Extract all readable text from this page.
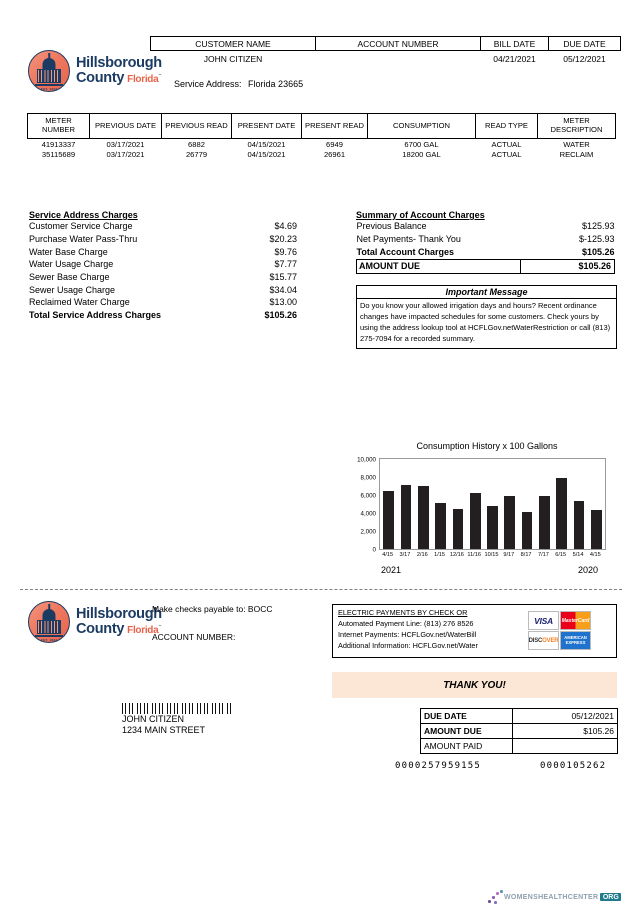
EST. 1834
Hillsborough
County Florida™
CUSTOMER NAME	ACCOUNT NUMBER	BILL DATE	DUE DATE
JOHN CITIZEN		04/21/2021	05/12/2021
Service Address: Florida 23665
METER NUMBER	PREVIOUS DATE	PREVIOUS READ	PRESENT DATE	PRESENT READ	CONSUMPTION	READ TYPE	METER DESCRIPTION
41913337	03/17/2021	6882	04/15/2021	6949	6700 GAL	ACTUAL	WATER
35115689	03/17/2021	26779	04/15/2021	26961	18200 GAL	ACTUAL	RECLAIM
Service Address Charges
Customer Service Charge	$4.69
Purchase Water Pass-Thru	$20.23
Water Base Charge	$9.76
Water Usage Charge	$7.77
Sewer Base Charge	$15.77
Sewer Usage Charge	$34.04
Reclaimed Water Charge	$13.00
Total Service Address Charges	$105.26
Summary of Account Charges
Previous Balance	$125.93
Net Payments- Thank You	$-125.93
Total Account Charges	$105.26
AMOUNT DUE	$105.26
Important Message
Do you know your allowed irrigation days and hours? Recent ordinance changes have impacted schedules for some customers. Check yours by using the address lookup tool at HCFLGov.netWaterRestriction or call (813) 275-7094 for a recorded summary.
Consumption History x 100 Gallons
10,000
8,000
6,000
4,000
2,000
0
4/15	3/17	2/16	1/15 12/16 11/16 10/15 9/17	8/17	7/17	6/15	5/14	4/15
2021	2020
EST. 1834
Hillsborough
County Florida™
Make checks payable to: BOCC
ACCOUNT NUMBER:
ELECTRIC PAYMENTS BY CHECK OR
Automated Payment Line: (813) 276 8526
Internet Payments: HCFLGov.net/WaterBill
Additional Information: HCFLGov.net/Water
VISA	MasterCard
DISC OVER
AMERICAN EXPRESS
THANK YOU!
DUE DATE	05/12/2021
AMOUNT DUE	$105.26
AMOUNT PAID	
JOHN CITIZEN
1234 MAIN STREET
0000257959155	0000105262
WOMENSHEALTHCENTER ORG
